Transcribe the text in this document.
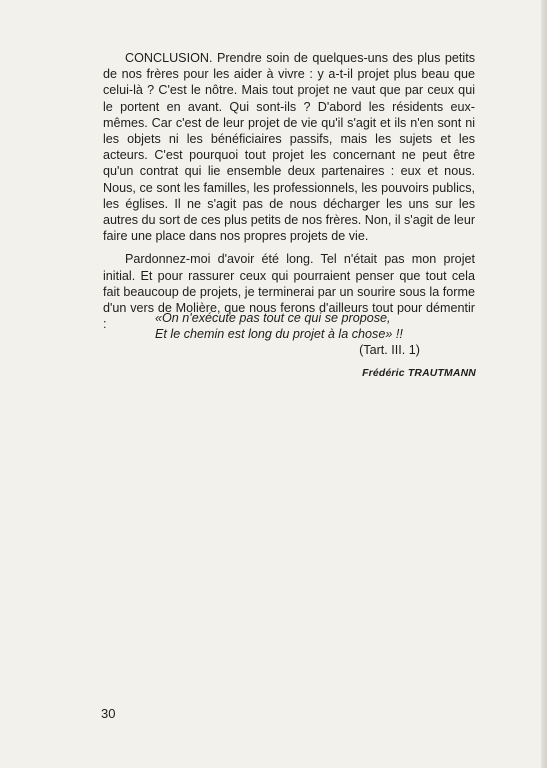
CONCLUSION. Prendre soin de quelques-uns des plus petits de nos frères pour les aider à vivre : y a-t-il projet plus beau que celui-là ? C'est le nôtre. Mais tout projet ne vaut que par ceux qui le portent en avant. Qui sont-ils ? D'abord les résidents eux-mêmes. Car c'est de leur projet de vie qu'il s'agit et ils n'en sont ni les objets ni les bénéficiaires passifs, mais les sujets et les acteurs. C'est pourquoi tout projet les concernant ne peut être qu'un contrat qui lie ensemble deux partenaires : eux et nous. Nous, ce sont les familles, les professionnels, les pouvoirs publics, les églises. Il ne s'agit pas de nous décharger les uns sur les autres du sort de ces plus petits de nos frères. Non, il s'agit de leur faire une place dans nos propres projets de vie.

Pardonnez-moi d'avoir été long. Tel n'était pas mon projet initial. Et pour rassurer ceux qui pourraient penser que tout cela fait beaucoup de projets, je terminerai par un sourire sous la forme d'un vers de Molière, que nous ferons d'ailleurs tout pour démentir :	«On n'exécute pas tout ce qui se propose,
Et le chemin est long du projet à la chose» !!
(Tart. III. 1)
Frédéric TRAUTMANN
30
